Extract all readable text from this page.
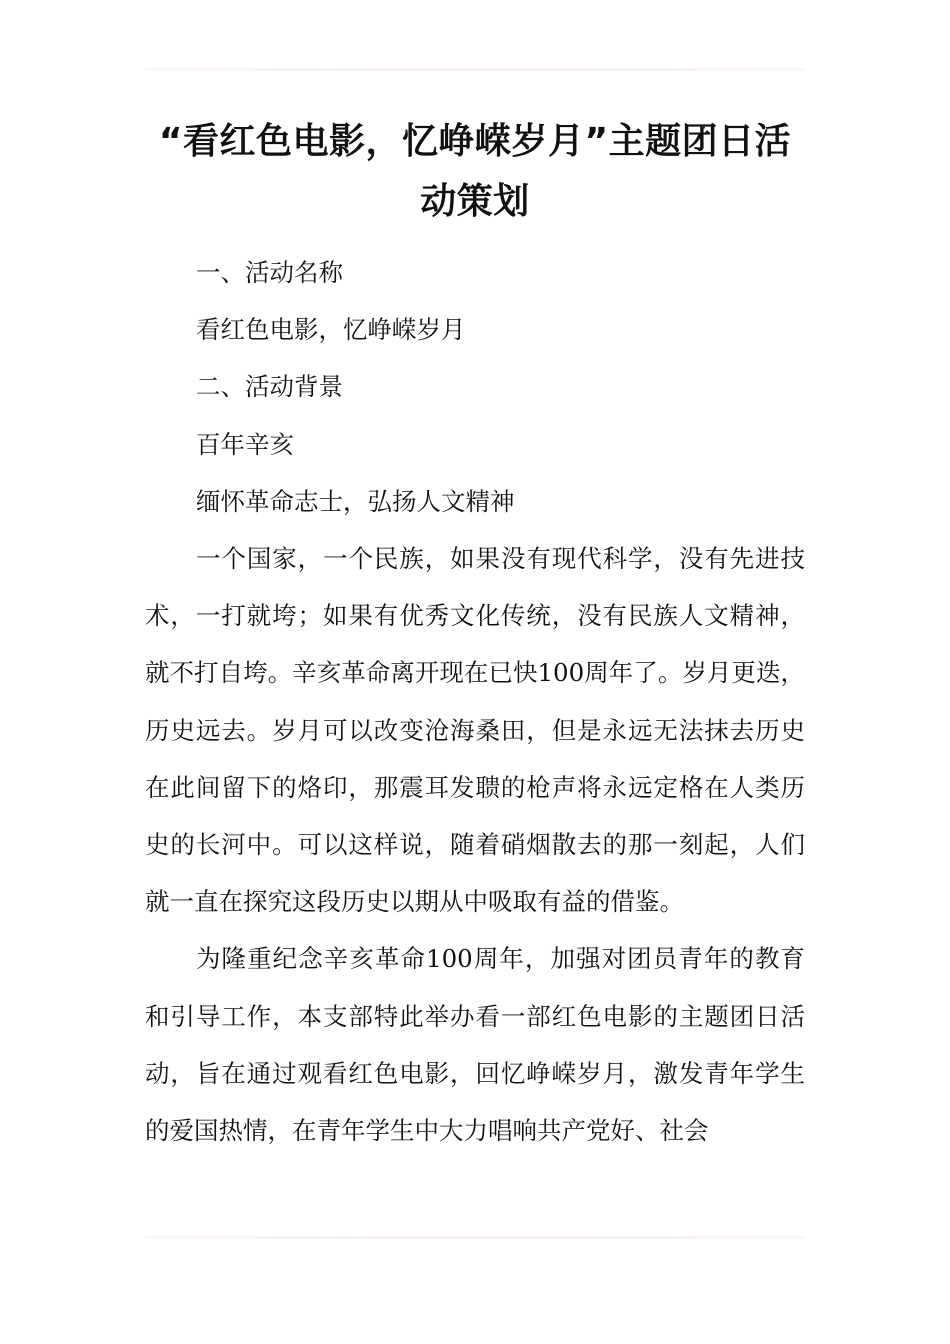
“看红色电影，忆峥嵘岁月”主题团日活动策划

一、活动名称

看红色电影，忆峥嵘岁月

二、活动背景

百年辛亥

缅怀革命志士，弘扬人文精神

一个国家，一个民族，如果没有现代科学，没有先进技术，一打就垮；如果有优秀文化传统，没有民族人文精神，就不打自垮。辛亥革命离开现在已快100周年了。岁月更迭，历史远去。岁月可以改变沧海桑田，但是永远无法抹去历史在此间留下的烙印，那震耳发聩的枪声将永远定格在人类历史的长河中。可以这样说，随着硝烟散去的那一刻起，人们就一直在探究这段历史以期从中吸取有益的借鉴。

为隆重纪念辛亥革命100周年，加强对团员青年的教育和引导工作，本支部特此举办看一部红色电影的主题团日活动，旨在通过观看红色电影，回忆峥嵘岁月，激发青年学生的爱国热情，在青年学生中大力唱响共产党好、社会
